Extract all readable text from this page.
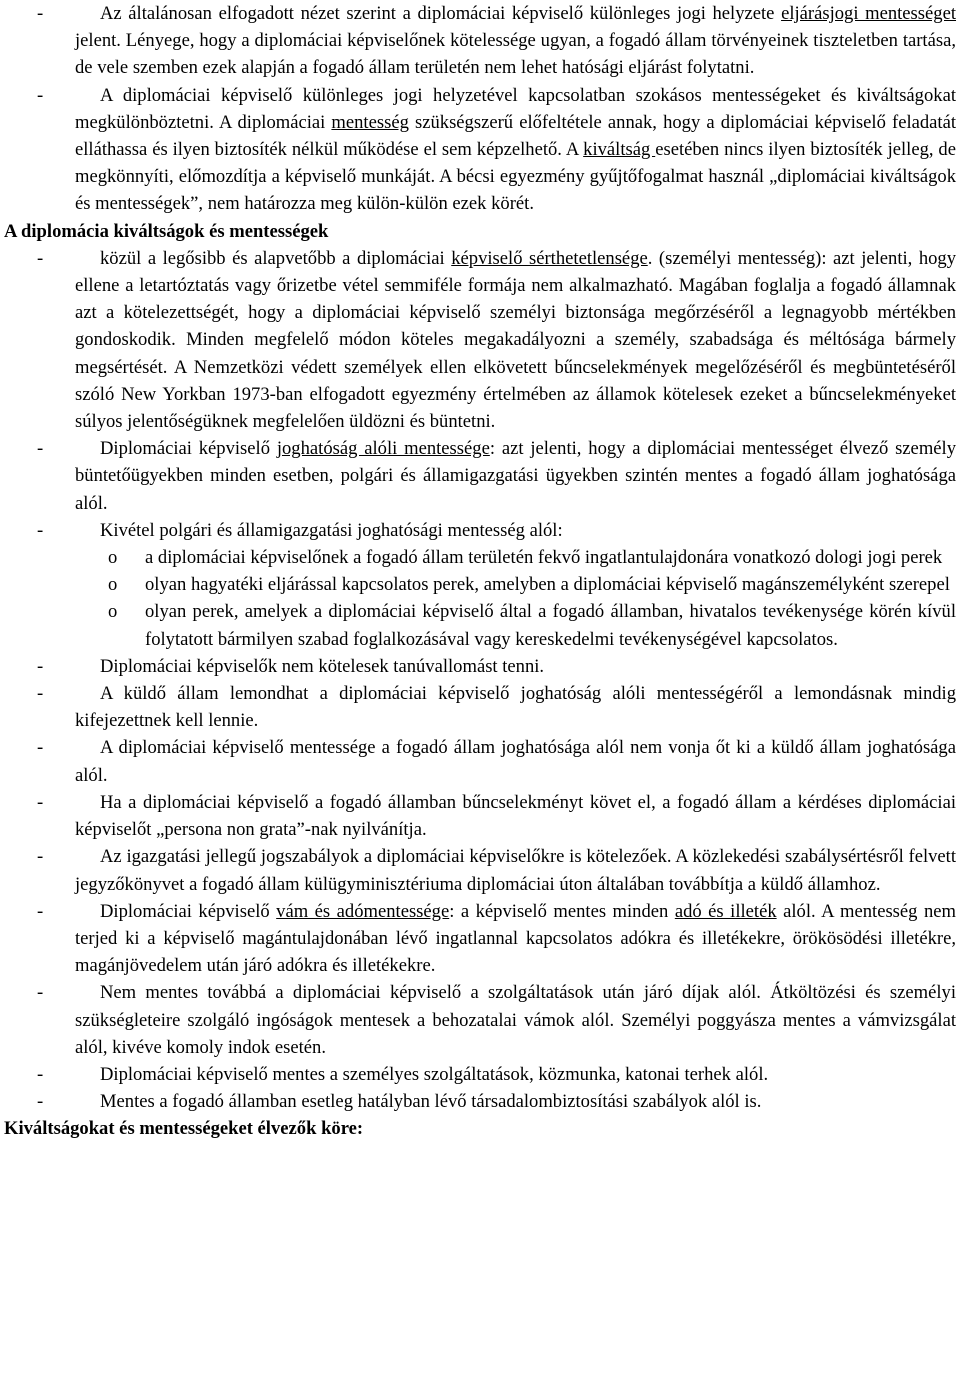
-	Az általánosan elfogadott nézet szerint a diplomáciai képviselő különleges jogi helyzete eljárásjogi mentességet jelent. Lényege, hogy a diplomáciai képviselőnek kötelessége ugyan, a fogadó állam törvényeinek tiszteletben tartása, de vele szemben ezek alapján a fogadó állam területén nem lehet hatósági eljárást folytatni.

-	A diplomáciai képviselő különleges jogi helyzetével kapcsolatban szokásos mentességeket és kiváltságokat megkülönböztetni. A diplomáciai mentesség szükségszerű előfeltétele annak, hogy a diplomáciai képviselő feladatát elláthassa és ilyen biztosíték nélkül működése el sem képzelhető. A kiváltság esetében nincs ilyen biztosíték jelleg, de megkönnyíti, előmozdítja a képviselő munkáját. A bécsi egyezmény gyűjtőfogalmat használ „diplomáciai kiváltságok és mentességek”, nem határozza meg külön-külön ezek körét.

A diplomácia kiváltságok és mentességek

-	közül a legősibb és alapvetőbb a diplomáciai képviselő sérthetetlensége. (személyi mentesség): azt jelenti, hogy ellene a letartóztatás vagy őrizetbe vétel semmiféle formája nem alkalmazható. Magában foglalja a fogadó államnak azt a kötelezettségét, hogy a diplomáciai képviselő személyi biztonsága megőrzéséről a legnagyobb mértékben gondoskodik. Minden megfelelő módon köteles megakadályozni a személy, szabadsága és méltósága bármely megsértését. A Nemzetközi védett személyek ellen elkövetett bűncselekmények megelőzéséről és megbüntetéséről szóló New Yorkban 1973-ban elfogadott egyezmény értelmében az államok kötelesek ezeket a bűncselekményeket súlyos jelentőségüknek megfelelően üldözni és büntetni.

-	Diplomáciai képviselő joghatóság alóli mentessége: azt jelenti, hogy a diplomáciai mentességet élvező személy büntetőügyekben minden esetben, polgári és államigazgatási ügyekben szintén mentes a fogadó állam joghatósága alól.

-	Kivétel polgári és államigazgatási joghatósági mentesség alól:

o a diplomáciai képviselőnek a fogadó állam területén fekvő ingatlantulajdonára vonatkozó dologi jogi perek

o olyan hagyatéki eljárással kapcsolatos perek, amelyben a diplomáciai képviselő magánszemélyként szerepel

o olyan perek, amelyek a diplomáciai képviselő által a fogadó államban, hivatalos tevékenysége körén kívül folytatott bármilyen szabad foglalkozásával vagy kereskedelmi tevékenységével kapcsolatos.

-	Diplomáciai képviselők nem kötelesek tanúvallomást tenni.

-	A küldő állam lemondhat a diplomáciai képviselő joghatóság alóli mentességéről a lemondásnak mindig kifejezettnek kell lennie.

-	A diplomáciai képviselő mentessége a fogadó állam joghatósága alól nem vonja őt ki a küldő állam joghatósága alól.

-	Ha a diplomáciai képviselő a fogadó államban bűncselekményt követ el, a fogadó állam a kérdéses diplomáciai képviselőt „persona non grata”-nak nyilvánítja.

-	Az igazgatási jellegű jogszabályok a diplomáciai képviselőkre is kötelezőek. A közlekedési szabálysértésről felvett jegyzőkönyvet a fogadó állam külügyminisztériuma diplomáciai úton általában továbbítja a küldő államhoz.

-	Diplomáciai képviselő vám és adómentessége: a képviselő mentes minden adó és illeték alól. A mentesség nem terjed ki a képviselő magántulajdonában lévő ingatlannal kapcsolatos adókra és illetékekre, örökösödési illetékre, magánjövedelem után járó adókra és illetékekre.

-	Nem mentes továbbá a diplomáciai képviselő a szolgáltatások után járó díjak alól. Átköltözési és személyi szükségleteire szolgáló ingóságok mentesek a behozatalai vámok alól. Személyi poggyásza mentes a vámvizsgálat alól, kivéve komoly indok esetén.

-	Diplomáciai képviselő mentes a személyes szolgáltatások, közmunka, katonai terhek alól.

-	Mentes a fogadó államban esetleg hatályban lévő társadalombiztosítási szabályok alól is.

Kiváltságokat és mentességeket élvezők köre:
